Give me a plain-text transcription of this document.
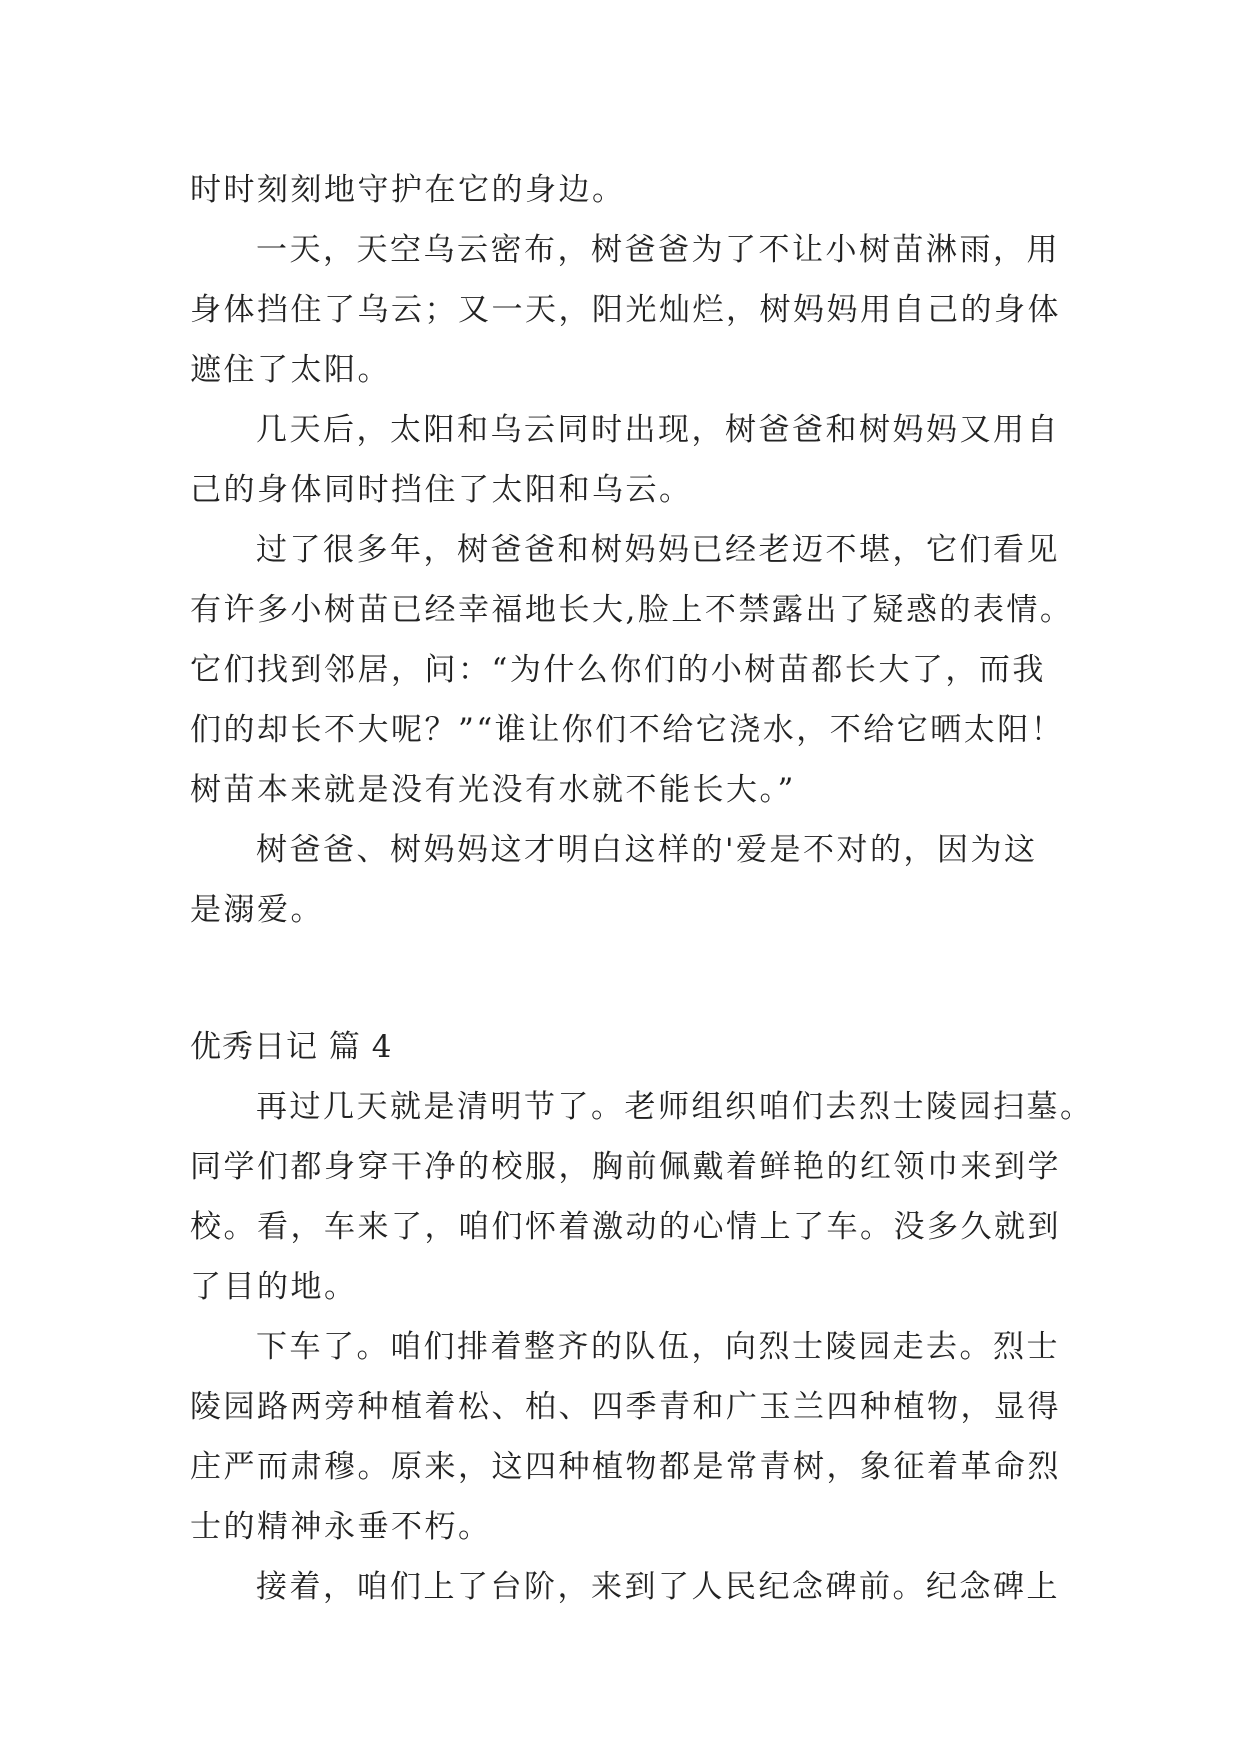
时时刻刻地守护在它的身边。
一天，天空乌云密布，树爸爸为了不让小树苗淋雨，用
身体挡住了乌云；又一天，阳光灿烂，树妈妈用自己的身体
遮住了太阳。
几天后，太阳和乌云同时出现，树爸爸和树妈妈又用自
己的身体同时挡住了太阳和乌云。
过了很多年，树爸爸和树妈妈已经老迈不堪，它们看见
有许多小树苗已经幸福地长大,脸上不禁露出了疑惑的表情。
它们找到邻居，问：“为什么你们的小树苗都长大了，而我
们的却长不大呢？”“谁让你们不给它浇水，不给它晒太阳！
树苗本来就是没有光没有水就不能长大。”
树爸爸、树妈妈这才明白这样的'爱是不对的，因为这
是溺爱。
优秀日记 篇 4
再过几天就是清明节了。老师组织咱们去烈士陵园扫墓。
同学们都身穿干净的校服，胸前佩戴着鲜艳的红领巾来到学
校。看，车来了，咱们怀着激动的心情上了车。没多久就到
了目的地。
下车了。咱们排着整齐的队伍，向烈士陵园走去。烈士
陵园路两旁种植着松、柏、四季青和广玉兰四种植物，显得
庄严而肃穆。原来，这四种植物都是常青树，象征着革命烈
士的精神永垂不朽。
接着，咱们上了台阶，来到了人民纪念碑前。纪念碑上
